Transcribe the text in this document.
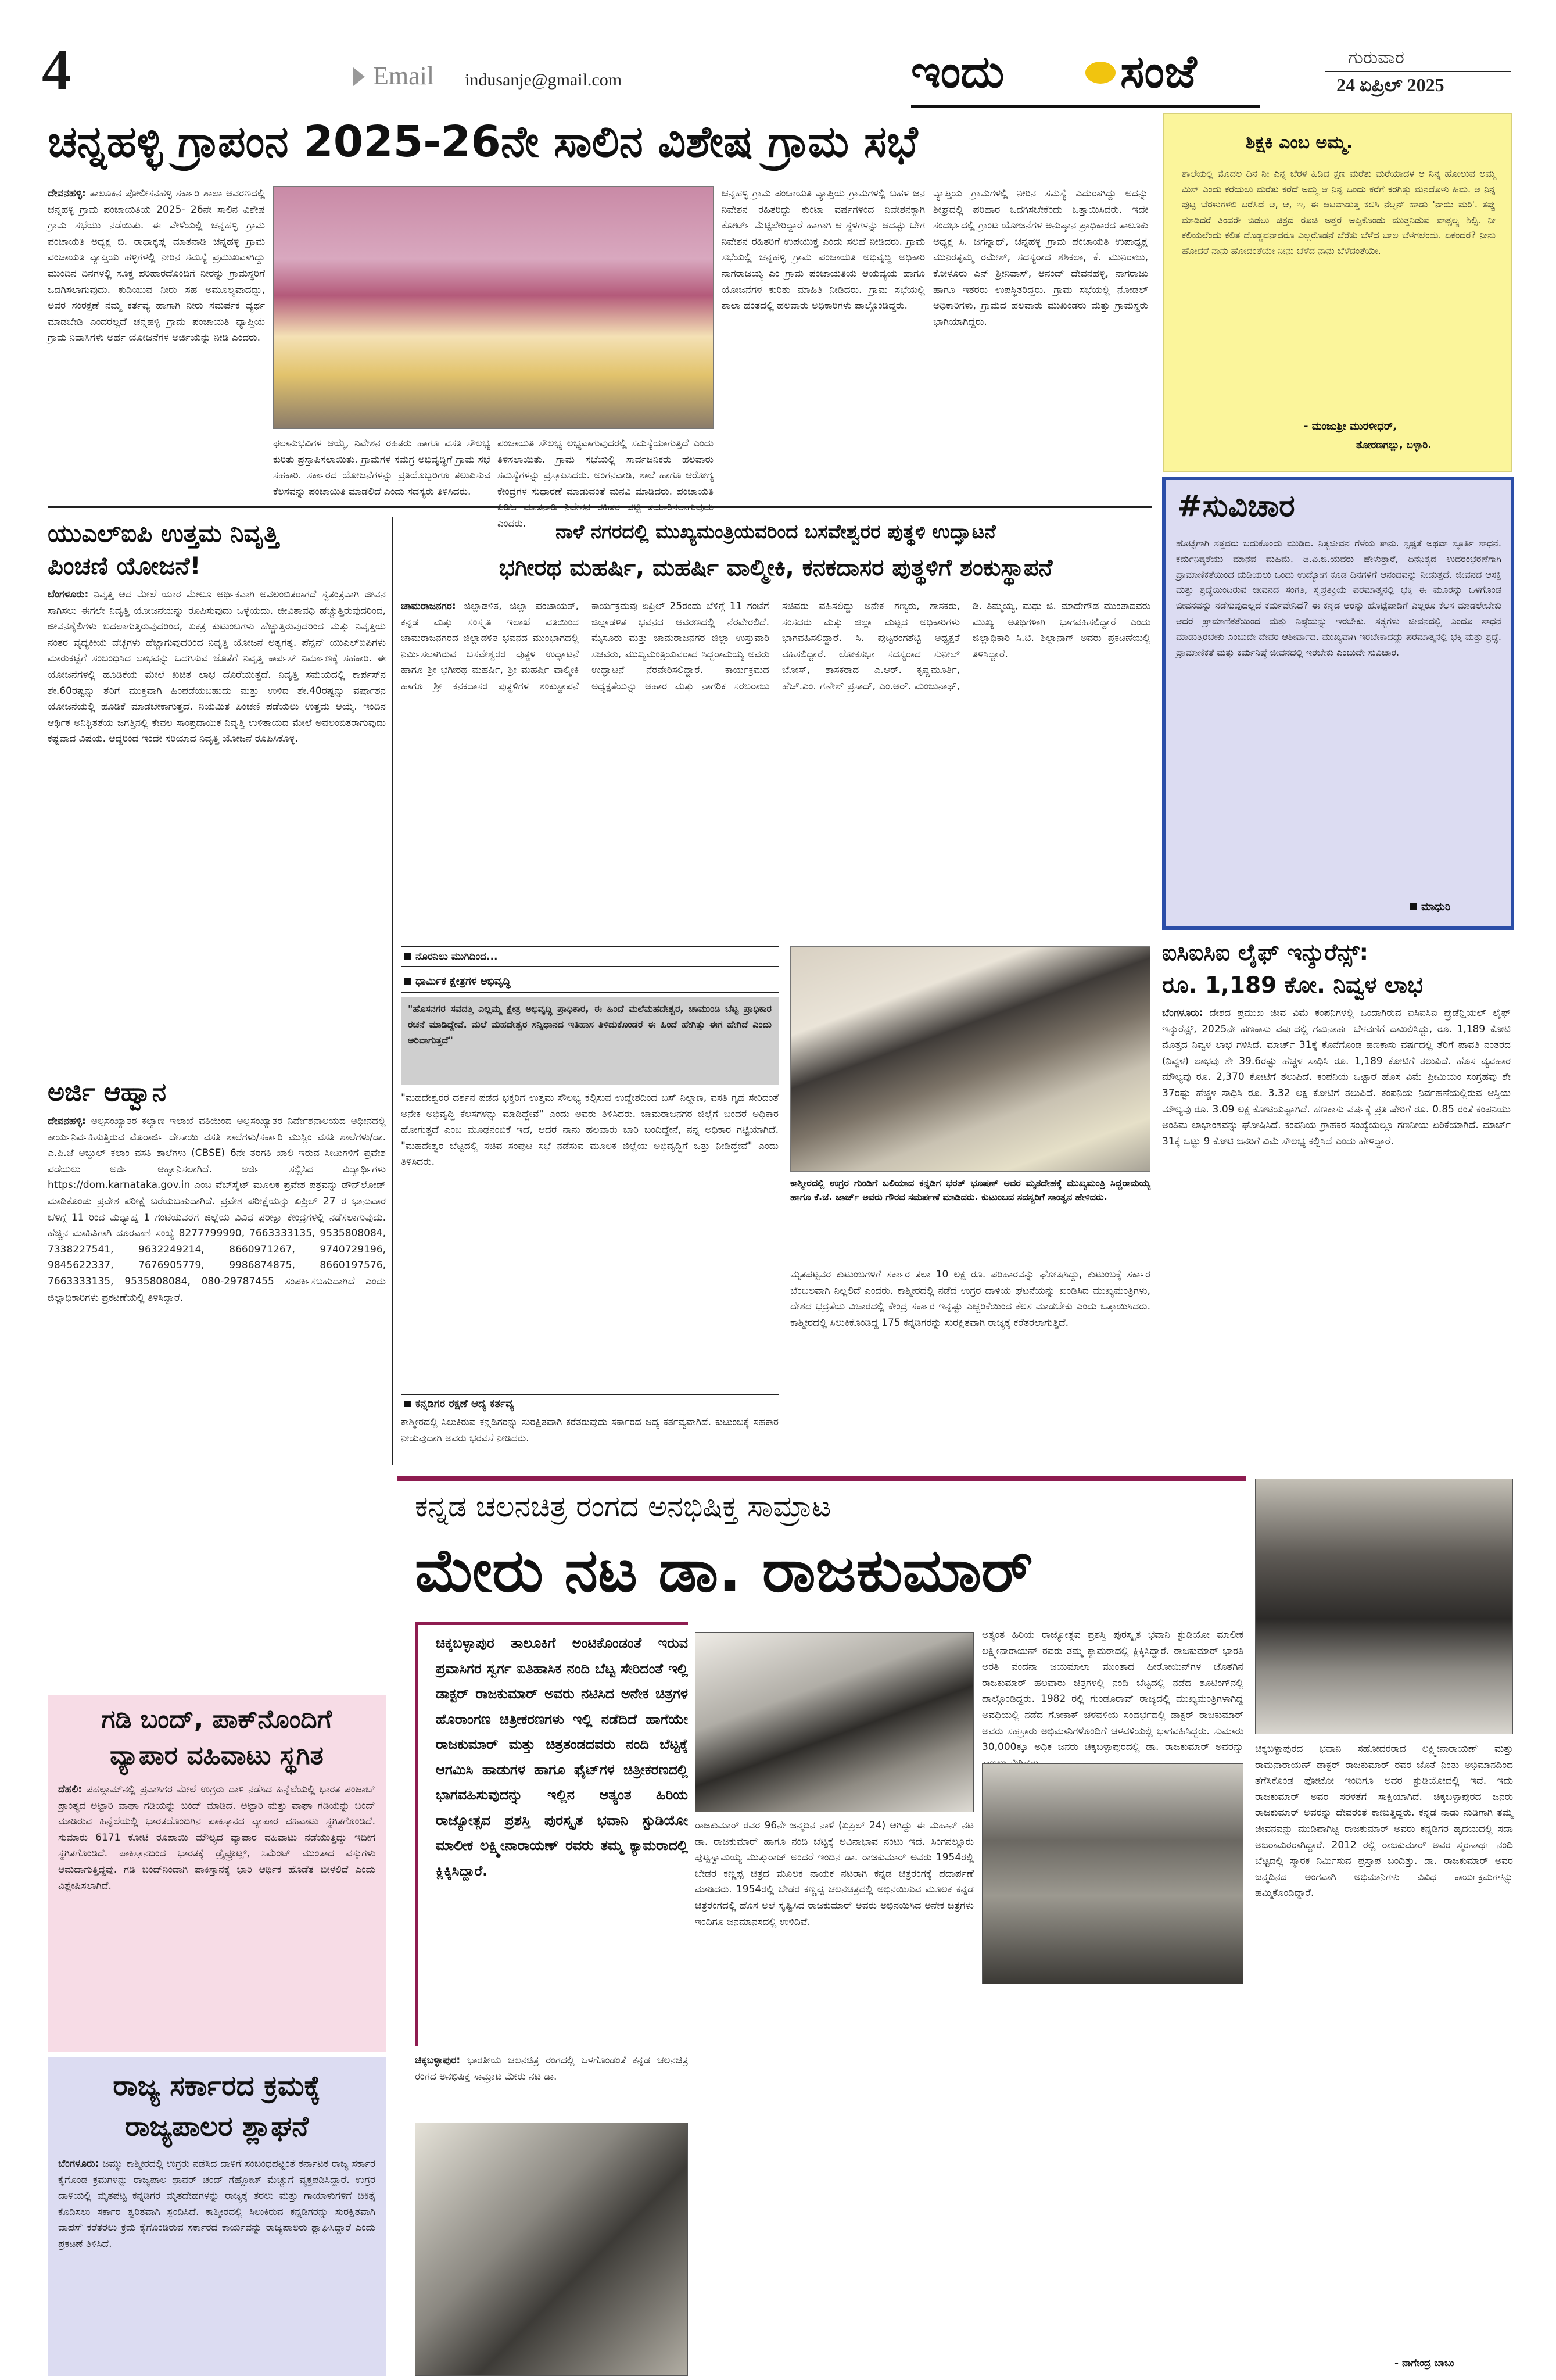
4	Email indusanje@gmail.com	ಇಂದು	ಸಂಜೆ	ಗುರುವಾರ
24 ಏಪ್ರಿಲ್ 2025
ಚನ್ನಹಳ್ಳಿ ಗ್ರಾಪಂನ 2025-26ನೇ ಸಾಲಿನ ವಿಶೇಷ ಗ್ರಾಮ ಸಭೆ
ದೇವನಹಳ್ಳಿ: ತಾಲೂಕಿನ ಪೋಲೀಸನಹಳ್ಳಿ ಸರ್ಕಾರಿ ಶಾಲಾ ಆವರಣದಲ್ಲಿ ಚನ್ನಹಳ್ಳಿ ಗ್ರಾಮ ಪಂಚಾಯತಿಯ 2025- 26ನೇ ಸಾಲಿನ ವಿಶೇಷ ಗ್ರಾಮ ಸಭೆಯು ನಡೆಯಿತು. ಈ ವೇಳೆಯಲ್ಲಿ ಚನ್ನಹಳ್ಳಿ ಗ್ರಾಮ ಪಂಚಾಯತಿ ಅಧ್ಯಕ್ಷ ಬಿ. ರಾಧಾಕೃಷ್ಣ ಮಾತನಾಡಿ ಚನ್ನಹಳ್ಳಿ ಗ್ರಾಮ ಪಂಚಾಯತಿ ವ್ಯಾಪ್ತಿಯ ಹಳ್ಳಿಗಳಲ್ಲಿ ನೀರಿನ ಸಮಸ್ಯೆ ಪ್ರಮುಖವಾಗಿದ್ದು ಮುಂದಿನ ದಿನಗಳಲ್ಲಿ ಸೂಕ್ತ ಪರಿಹಾರದೊಂದಿಗೆ ನೀರನ್ನು ಗ್ರಾಮಸ್ಥರಿಗೆ ಒದಗಿಸಲಾಗುವುದು. ಕುಡಿಯುವ ನೀರು ಸಹ ಅಮೂಲ್ಯವಾದದ್ದು, ಅವರ ಸಂರಕ್ಷಣೆ ನಮ್ಮ ಕರ್ತವ್ಯ ಹಾಗಾಗಿ ನೀರು ಸಮರ್ಪಕ ವ್ಯರ್ಥ ಮಾಡಬೇಡಿ ಎಂದರಲ್ಲದೆ ಚನ್ನಹಳ್ಳಿ ಗ್ರಾಮ ಪಂಚಾಯತಿ ವ್ಯಾಪ್ತಿಯ ಗ್ರಾಮ ನಿವಾಸಿಗಳು ಅರ್ಹ ಯೋಜನೆಗಳ ಅರ್ಜಿಯನ್ನು ನೀಡಿ ಎಂದರು.
ಫಲಾನುಭವಿಗಳ ಆಯ್ಕೆ, ನಿವೇಶನ ರಹಿತರು ಹಾಗೂ ವಸತಿ ಸೌಲಭ್ಯ ಕುರಿತು ಪ್ರಸ್ತಾಪಿಸಲಾಯಿತು. ಗ್ರಾಮಗಳ ಸಮಗ್ರ ಅಭಿವೃದ್ಧಿಗೆ ಗ್ರಾಮ ಸಭೆ ಸಹಕಾರಿ. ಸರ್ಕಾರದ ಯೋಜನೆಗಳನ್ನು ಪ್ರತಿಯೊಬ್ಬರಿಗೂ ತಲುಪಿಸುವ ಕೆಲಸವನ್ನು ಪಂಚಾಯಿತಿ ಮಾಡಲಿದೆ ಎಂದು ಸದಸ್ಯರು ತಿಳಿಸಿದರು.
ಪಂಚಾಯತಿ ಸೌಲಭ್ಯ ಲಭ್ಯವಾಗುವುದರಲ್ಲಿ ಸಮಸ್ಯೆಯಾಗುತ್ತಿದೆ ಎಂದು ತಿಳಿಸಲಾಯಿತು. ಗ್ರಾಮ ಸಭೆಯಲ್ಲಿ ಸಾರ್ವಜನಿಕರು ಹಲವಾರು ಸಮಸ್ಯೆಗಳನ್ನು ಪ್ರಸ್ತಾಪಿಸಿದರು. ಅಂಗನವಾಡಿ, ಶಾಲೆ ಹಾಗೂ ಆರೋಗ್ಯ ಕೇಂದ್ರಗಳ ಸುಧಾರಣೆ ಮಾಡುವಂತೆ ಮನವಿ ಮಾಡಿದರು. ಪಂಚಾಯತಿ ಎಂದರು.
ಚನ್ನಹಳ್ಳಿ ಗ್ರಾಮ ಪಂಚಾಯತಿ ವ್ಯಾಪ್ತಿಯ ಗ್ರಾಮಗಳಲ್ಲಿ ಬಹಳ ಜನ ನಿವೇಶನ ರಹಿತರಿದ್ದು ಕುಂಟಾ ವರ್ಷಗಳಿಂದ ನಿವೇಶನಕ್ಕಾಗಿ ಕೋರ್ಟ್ ಮೆಟ್ಟಿಲೇರಿದ್ದಾರೆ ಹಾಗಾಗಿ ಆ ಸ್ಥಳಗಳನ್ನು ಆದಷ್ಟು ಬೇಗ ನಿವೇಶನ ರಹಿತರಿಗೆ ಉಪಯುಕ್ತ ಎಂದು ಸಲಹೆ ನೀಡಿದರು. ಗ್ರಾಮ ಸಭೆಯಲ್ಲಿ ಚನ್ನಹಳ್ಳಿ ಗ್ರಾಮ ಪಂಚಾಯತಿ ಅಭಿವೃದ್ಧಿ ಅಧಿಕಾರಿ ನಾಗರಾಜಯ್ಯ ಎಂ ಗ್ರಾಮ ಪಂಚಾಯತಿಯ ಆಯವ್ಯಯ ಹಾಗೂ ಯೋಜನೆಗಳ ಕುರಿತು ಮಾಹಿತಿ ನೀಡಿದರು. ಗ್ರಾಮ ಸಭೆಯಲ್ಲಿ ಶಾಲಾ ಹಂತದಲ್ಲಿ ಹಲವಾರು ಅಧಿಕಾರಿಗಳು ಪಾಲ್ಗೊಂಡಿದ್ದರು.
ವ್ಯಾಪ್ತಿಯ ಗ್ರಾಮಗಳಲ್ಲಿ ನೀರಿನ ಸಮಸ್ಯೆ ಎದುರಾಗಿದ್ದು ಅದನ್ನು ಶೀಘ್ರದಲ್ಲಿ ಪರಿಹಾರ ಒದಗಿಸಬೇಕೆಂದು ಒತ್ತಾಯಿಸಿದರು. ಇದೇ ಸಂದರ್ಭದಲ್ಲಿ ಗ್ರಾಂಟ ಯೋಜನೆಗಳ ಅನುಷ್ಠಾನ ಪ್ರಾಧಿಕಾರದ ತಾಲೂಕು ಅಧ್ಯಕ್ಷ ಸಿ. ಜಗನ್ನಾಥ್, ಚನ್ನಹಳ್ಳಿ ಗ್ರಾಮ ಪಂಚಾಯತಿ ಉಪಾಧ್ಯಕ್ಷೆ ಮುನಿರತ್ನಮ್ಮ ರಮೇಶ್, ಸದಸ್ಯರಾದ ಶಶಿಕಲಾ, ಕೆ. ಮುನಿರಾಜು, ಕೋಳೂರು ಎನ್ ಶ್ರೀನಿವಾಸ್, ಆನಂದ್ ದೇವನಹಳ್ಳಿ, ನಾಗರಾಜು ಹಾಗೂ ಇತರರು ಉಪಸ್ಥಿತರಿದ್ದರು. ಗ್ರಾಮ ಸಭೆಯಲ್ಲಿ ನೋಡಲ್ ಅಧಿಕಾರಿಗಳು, ಗ್ರಾಮದ ಹಲವಾರು ಮುಖಂಡರು ಮತ್ತು ಗ್ರಾಮಸ್ಥರು ಭಾಗಿಯಾಗಿದ್ದರು.
ಶಿಕ್ಷಕಿ ಎಂಬ ಅಮ್ಮ.
ಶಾಲೆಯಲ್ಲಿ ಮೊದಲ ದಿನ ನೀ ಎನ್ನ ಬೆರಳ ಹಿಡಿದ ಕ್ಷಣ ಮರೆತು ಮರೆಯಾದಳ ಆ ನಿನ್ನ ಹೋಲುವ ಅಮ್ಮ ಮಿಸ್ ಎಂದು ಕರೆಯಲು ಮರೆತು ಕರೆದೆ ಅಮ್ಮ ಆ ನಿನ್ನ ಒಂದು ಕರೆಗೆ ಕರಗಿತ್ತು ಮನದೊಳು ಹಿಮ. ಆ ನಿನ್ನ ಪುಟ್ಟ ಬೆರಳುಗಳಲಿ ಬರೆಸಿದೆ ಅ, ಆ, ಇ, ಈ ಆಟವಾಡುತ್ತ ಕಲಿಸಿ ನೆಲ್ಸನ್ ಹಾಡು 'ನಾಯಿ ಮರಿ'. ತಪ್ಪು ಮಾಡಿದರೆ ತಿಂದರೇ ಬಿಡಲು ಚಿತ್ರದ ರೂಚಿ ಅತ್ತರೆ ಅಪ್ಪಿಕೊಂಡು ಮುತ್ತನಿಡುವ ವಾತ್ಸಲ್ಯ ಶಿಲ್ಪಿ. ನೀ ಕಲಿಯಲೆಂದು ಕಲಿತ ದೊಡ್ಡವನಾದರೂ ಎಲ್ಲರೊಡನೆ ಬೆರೆತು ಬೆಳೆದ ಬಾಲ ಬೆಳಗಲೆಂದು. ಏಕೆಂದರೆ? ನೀನು ಹೋದರೆ ನಾನು ಹೋದಂತೆಯೇ ನೀನು ಬೆಳೆದ ನಾನು ಬೆಳೆದಂತೆಯೇ.
- ಮಂಜುಶ್ರೀ ಮುರಳೀಧರ್,
ತೋರಣಗಲ್ಲು, ಬಳ್ಳಾರಿ.
#ಸುವಿಚಾರ
ಹೊಟ್ಟೆಗಾಗಿ ಸತ್ತವರು ಬದುಕೊಂದು ಮುಡಿದ. ನಿತ್ಯಜೀವನ ಗೆಳೆಯ ತಾನು. ಸ್ಪಷ್ಟತೆ ಅಥವಾ ಸ್ಫೂರ್ತಿ ಸಾಧನೆ. ಕರ್ಮನಿಷ್ಠತೆಯು ಮಾನವ ಮಹಿಮೆ. ಡಿ.ವಿ.ಜಿ.ಯವರು ಹೇಳುತ್ತಾರೆ, ದಿನನಿತ್ಯದ ಉದರಂಭರಣೆಗಾಗಿ ಪ್ರಾಮಾಣಿಕತೆಯಿಂದ ದುಡಿಯಲು ಒಂದು ಉದ್ಯೋಗ ಕೂಡ ದಿನಗಳಿಗೆ ಆನಂದವನ್ನು ನೀಡುತ್ತದೆ. ಜೀವನದ ಆಸಕ್ತಿ ಮತ್ತು ಶ್ರದ್ಧೆಯಿಂದಿರುವ ಜೀವನದ ಸಂಗತಿ, ಸ್ವಪ್ರತಿಕ್ರಿಯೆ ಪರಮಾತ್ಮನಲ್ಲಿ ಭಕ್ತಿ ಈ ಮೂರನ್ನು ಒಳಗೊಂಡ ಜೀವನವನ್ನು ನಡೆಸುವುದಲ್ಲದೆ ಕರ್ಮವೇನಿದೆ? ಈ ಕನ್ನಡ ಆರನ್ನು ಹೊಟ್ಟೆಪಾಡಿಗೆ ಎಲ್ಲರೂ ಕೆಲಸ ಮಾಡಲೇಬೇಕು ಆದರೆ ಪ್ರಾಮಾಣಿಕತೆಯಿಂದ ಮತ್ತು ನಿಷ್ಠೆಯನ್ನು ಇರಬೇಕು. ಸತ್ಯಗಳು ಜೀವನದಲ್ಲಿ ಎಂದೂ ಸಾಧನೆ ಮಾಡುತ್ತಿರಬೇಕು ಎಂಬುದೇ ದೇವರ ಆಶೀರ್ವಾದ. ಮುಖ್ಯವಾಗಿ ಇರಬೇಕಾದದ್ದು ಪರಮಾತ್ಮನಲ್ಲಿ ಭಕ್ತಿ ಮತ್ತು ಶ್ರದ್ಧೆ. ಪ್ರಾಮಾಣಿಕತೆ ಮತ್ತು ಕರ್ಮನಿಷ್ಠೆ ಜೀವನದಲ್ಲಿ ಇರಬೇಕು ಎಂಬುದೇ ಸುವಿಚಾರ.
ಮಾಧುರಿ
ಯುಎಲ್‌ಐಪಿ ಉತ್ತಮ ನಿವೃತ್ತಿ
ಪಿಂಚಣಿ ಯೋಜನೆ!
ಬೆಂಗಳೂರು: ನಿವೃತ್ತಿ ಆದ ಮೇಲೆ ಯಾರ ಮೇಲೂ ಆರ್ಥಿಕವಾಗಿ ಅವಲಂಬಿತರಾಗದೆ ಸ್ವತಂತ್ರವಾಗಿ ಜೀವನ ಸಾಗಿಸಲು ಈಗಲೇ ನಿವೃತ್ತಿ ಯೋಜನೆಯನ್ನು ರೂಪಿಸುವುದು ಒಳ್ಳೆಯದು. ಜೀವಿತಾವಧಿ ಹೆಚ್ಚುತ್ತಿರುವುದರಿಂದ, ಜೀವನಶೈಲಿಗಳು ಬದಲಾಗುತ್ತಿರುವುದರಿಂದ, ಏಕತ್ರ ಕುಟುಂಬಗಳು ಹೆಚ್ಚುತ್ತಿರುವುದರಿಂದ ಮತ್ತು ನಿವೃತ್ತಿಯ ನಂತರ ವೈದ್ಯಕೀಯ ವೆಚ್ಚಗಳು ಹೆಚ್ಚಾಗುವುದರಿಂದ ನಿವೃತ್ತಿ ಯೋಜನೆ ಅತ್ಯಗತ್ಯ. ಪೆನ್ಷನ್ ಯುಎಲ್‌ಐಪಿಗಳು ಮಾರುಕಟ್ಟೆಗೆ ಸಂಬಂಧಿಸಿದ ಲಾಭವನ್ನು ಒದಗಿಸುವ ಜೊತೆಗೆ ನಿವೃತ್ತಿ ಕಾರ್ಪಸ್ ನಿರ್ಮಾಣಕ್ಕೆ ಸಹಕಾರಿ. ಈ ಯೋಜನೆಗಳಲ್ಲಿ ಹೂಡಿಕೆಯ ಮೇಲೆ ಖಚಿತ ಲಾಭ ದೊರೆಯುತ್ತದೆ. ನಿವೃತ್ತಿ ಸಮಯದಲ್ಲಿ ಕಾರ್ಪಸ್‌ನ ಶೇ.60ರಷ್ಟನ್ನು ತೆರಿಗೆ ಮುಕ್ತವಾಗಿ ಹಿಂಪಡೆಯಬಹುದು ಮತ್ತು ಉಳಿದ ಶೇ.40ರಷ್ಟನ್ನು ವರ್ಷಾಶನ ಯೋಜನೆಯಲ್ಲಿ ಹೂಡಿಕೆ ಮಾಡಬೇಕಾಗುತ್ತದೆ. ನಿಯಮಿತ ಪಿಂಚಣಿ ಪಡೆಯಲು ಉತ್ತಮ ಆಯ್ಕೆ. ಇಂದಿನ ಆರ್ಥಿಕ ಅನಿಶ್ಚಿತತೆಯ ಜಗತ್ತಿನಲ್ಲಿ ಕೇವಲ ಸಾಂಪ್ರದಾಯಿಕ ನಿವೃತ್ತಿ ಉಳಿತಾಯದ ಮೇಲೆ ಅವಲಂಬಿತರಾಗುವುದು ಕಷ್ಟವಾದ ವಿಷಯ. ಆದ್ದರಿಂದ ಇಂದೇ ಸರಿಯಾದ ನಿವೃತ್ತಿ ಯೋಜನೆ ರೂಪಿಸಿಕೊಳ್ಳಿ.
ಅರ್ಜಿ ಆಹ್ವಾನ
ದೇವನಹಳ್ಳಿ: ಅಲ್ಪಸಂಖ್ಯಾತರ ಕಲ್ಯಾಣ ಇಲಾಖೆ ವತಿಯಿಂದ ಅಲ್ಪಸಂಖ್ಯಾತರ ನಿರ್ದೇಶನಾಲಯದ ಅಧೀನದಲ್ಲಿ ಕಾರ್ಯನಿರ್ವಹಿಸುತ್ತಿರುವ ಮೊರಾರ್ಜಿ ದೇಸಾಯಿ ವಸತಿ ಶಾಲೆಗಳು/ಸರ್ಕಾರಿ ಮುಸ್ಲಿಂ ವಸತಿ ಶಾಲೆಗಳು/ಡಾ. ಎ.ಪಿ.ಜೆ ಅಬ್ದುಲ್ ಕಲಾಂ ವಸತಿ ಶಾಲೆಗಳು (CBSE) 6ನೇ ತರಗತಿ ಖಾಲಿ ಇರುವ ಸೀಟುಗಳಿಗೆ ಪ್ರವೇಶ ಪಡೆಯಲು ಅರ್ಜಿ ಆಹ್ವಾನಿಸಲಾಗಿದೆ. ಅರ್ಜಿ ಸಲ್ಲಿಸಿದ ವಿದ್ಯಾರ್ಥಿಗಳು https://dom.karnataka.gov.in ಎಂಬ ವೆಬ್‌ಸೈಟ್ ಮೂಲಕ ಪ್ರವೇಶ ಪತ್ರವನ್ನು ಡೌನ್‌ಲೋಡ್ ಮಾಡಿಕೊಂಡು ಪ್ರವೇಶ ಪರೀಕ್ಷೆ ಬರೆಯಬಹುದಾಗಿದೆ. ಪ್ರವೇಶ ಪರೀಕ್ಷೆಯನ್ನು ಏಪ್ರಿಲ್ 27 ರ ಭಾನುವಾರ ಬೆಳಿಗ್ಗೆ 11 ರಿಂದ ಮಧ್ಯಾಹ್ನ 1 ಗಂಟೆಯವರೆಗೆ ಜಿಲ್ಲೆಯ ವಿವಿಧ ಪರೀಕ್ಷಾ ಕೇಂದ್ರಗಳಲ್ಲಿ ನಡೆಸಲಾಗುವುದು. ಹೆಚ್ಚಿನ ಮಾಹಿತಿಗಾಗಿ ದೂರವಾಣಿ ಸಂಖ್ಯೆ 8277799990, 7663333135, 9535808084, 7338227541, 9632249214, 8660971267, 9740729196, 9845622337, 7676905779, 9986874875, 8660197576, 7663333135, 9535808084, 080-29787455 ಸಂಪರ್ಕಿಸಬಹುದಾಗಿದೆ ಎಂದು ಜಿಲ್ಲಾಧಿಕಾರಿಗಳು ಪ್ರಕಟಣೆಯಲ್ಲಿ ತಿಳಿಸಿದ್ದಾರೆ.
ಗಡಿ ಬಂದ್, ಪಾಕ್‌ನೊಂದಿಗೆ
ವ್ಯಾಪಾರ ವಹಿವಾಟು ಸ್ಥಗಿತ
ದೆಹಲಿ: ಪಹಲ್ಗಾಮ್‌ನಲ್ಲಿ ಪ್ರವಾಸಿಗರ ಮೇಲೆ ಉಗ್ರರು ದಾಳಿ ನಡೆಸಿದ ಹಿನ್ನೆಲೆಯಲ್ಲಿ ಭಾರತ ಪಂಜಾಬ್ ಪ್ರಾಂತ್ಯದ ಅಟ್ಟಾರಿ ವಾಘಾ ಗಡಿಯನ್ನು ಬಂದ್ ಮಾಡಿದೆ. ಅಟ್ಟಾರಿ ಮತ್ತು ವಾಘಾ ಗಡಿಯನ್ನು ಬಂದ್ ಮಾಡಿರುವ ಹಿನ್ನೆಲೆಯಲ್ಲಿ ಭಾರತದೊಂದಿಗಿನ ಪಾಕಿಸ್ತಾನದ ವ್ಯಾಪಾರ ವಹಿವಾಟು ಸ್ಥಗಿತಗೊಂಡಿದೆ. ಸುಮಾರು 6171 ಕೋಟಿ ರೂಪಾಯಿ ಮೌಲ್ಯದ ವ್ಯಾಪಾರ ವಹಿವಾಟು ನಡೆಯುತ್ತಿದ್ದು ಇದೀಗ ಸ್ಥಗಿತಗೊಂಡಿದೆ. ಪಾಕಿಸ್ತಾನದಿಂದ ಭಾರತಕ್ಕೆ ಡ್ರೈಫ್ರೂಟ್ಸ್, ಸಿಮೆಂಟ್ ಮುಂತಾದ ವಸ್ತುಗಳು ಆಮದಾಗುತ್ತಿದ್ದವು. ಗಡಿ ಬಂದ್‌ನಿಂದಾಗಿ ಪಾಕಿಸ್ತಾನಕ್ಕೆ ಭಾರಿ ಆರ್ಥಿಕ ಹೊಡೆತ ಬೀಳಲಿದೆ ಎಂದು ವಿಶ್ಲೇಷಿಸಲಾಗಿದೆ.
ರಾಜ್ಯ ಸರ್ಕಾರದ ಕ್ರಮಕ್ಕೆ
ರಾಜ್ಯಪಾಲರ ಶ್ಲಾಘನೆ
ಬೆಂಗಳೂರು: ಜಮ್ಮು ಕಾಶ್ಮೀರದಲ್ಲಿ ಉಗ್ರರು ನಡೆಸಿದ ದಾಳಿಗೆ ಸಂಬಂಧಪಟ್ಟಂತೆ ಕರ್ನಾಟಕ ರಾಜ್ಯ ಸರ್ಕಾರ ಕೈಗೊಂಡ ಕ್ರಮಗಳನ್ನು ರಾಜ್ಯಪಾಲ ಥಾವರ್ ಚಂದ್ ಗೆಹ್ಲೋಟ್ ಮೆಚ್ಚುಗೆ ವ್ಯಕ್ತಪಡಿಸಿದ್ದಾರೆ. ಉಗ್ರರ ದಾಳಿಯಲ್ಲಿ ಮೃತಪಟ್ಟ ಕನ್ನಡಿಗರ ಮೃತದೇಹಗಳನ್ನು ರಾಜ್ಯಕ್ಕೆ ತರಲು ಮತ್ತು ಗಾಯಾಳುಗಳಿಗೆ ಚಿಕಿತ್ಸೆ ಕೊಡಿಸಲು ಸರ್ಕಾರ ತ್ವರಿತವಾಗಿ ಸ್ಪಂದಿಸಿದೆ. ಕಾಶ್ಮೀರದಲ್ಲಿ ಸಿಲುಕಿರುವ ಕನ್ನಡಿಗರನ್ನು ಸುರಕ್ಷಿತವಾಗಿ ವಾಪಸ್ ಕರೆತರಲು ಕ್ರಮ ಕೈಗೊಂಡಿರುವ ಸರ್ಕಾರದ ಕಾರ್ಯವನ್ನು ರಾಜ್ಯಪಾಲರು ಶ್ಲಾಘಿಸಿದ್ದಾರೆ ಎಂದು ಪ್ರಕಟಣೆ ತಿಳಿಸಿದೆ.
ನಾಳೆ ನಗರದಲ್ಲಿ ಮುಖ್ಯಮಂತ್ರಿಯವರಿಂದ ಬಸವೇಶ್ವರರ ಪುತ್ಥಳಿ ಉದ್ಘಾಟನೆ
ಭಗೀರಥ ಮಹರ್ಷಿ, ಮಹರ್ಷಿ ವಾಲ್ಮೀಕಿ, ಕನಕದಾಸರ ಪುತ್ಥಳಿಗೆ ಶಂಕುಸ್ಥಾಪನೆ
ಚಾಮರಾಜನಗರ: ಜಿಲ್ಲಾಡಳಿತ, ಜಿಲ್ಲಾ ಪಂಚಾಯತ್, ಕನ್ನಡ ಮತ್ತು ಸಂಸ್ಕೃತಿ ಇಲಾಖೆ ವತಿಯಿಂದ ಚಾಮರಾಜನಗರದ ಜಿಲ್ಲಾಡಳಿತ ಭವನದ ಮುಂಭಾಗದಲ್ಲಿ ನಿರ್ಮಿಸಲಾಗಿರುವ ಬಸವೇಶ್ವರರ ಪುತ್ಥಳಿ ಉದ್ಘಾಟನೆ ಹಾಗೂ ಶ್ರೀ ಭಗೀರಥ ಮಹರ್ಷಿ, ಶ್ರೀ ಮಹರ್ಷಿ ವಾಲ್ಮೀಕಿ ಹಾಗೂ ಶ್ರೀ ಕನಕದಾಸರ ಪುತ್ಥಳಿಗಳ ಶಂಕುಸ್ಥಾಪನೆ ಕಾರ್ಯಕ್ರಮವು ಏಪ್ರಿಲ್ 25ರಂದು ಬೆಳಿಗ್ಗೆ 11 ಗಂಟೆಗೆ ಜಿಲ್ಲಾಡಳಿತ ಭವನದ ಆವರಣದಲ್ಲಿ ನೆರವೇರಲಿದೆ. ಮೈಸೂರು ಮತ್ತು ಚಾಮರಾಜನಗರ ಜಿಲ್ಲಾ ಉಸ್ತುವಾರಿ ಸಚಿವರು, ಮುಖ್ಯಮಂತ್ರಿಯವರಾದ ಸಿದ್ದರಾಮಯ್ಯ ಅವರು ಉದ್ಘಾಟನೆ ನೆರವೇರಿಸಲಿದ್ದಾರೆ. ಕಾರ್ಯಕ್ರಮದ ಅಧ್ಯಕ್ಷತೆಯನ್ನು ಆಹಾರ ಮತ್ತು ನಾಗರಿಕ ಸರಬರಾಜು ಸಚಿವರು ವಹಿಸಲಿದ್ದು ಅನೇಕ ಗಣ್ಯರು, ಶಾಸಕರು, ಸಂಸದರು ಮತ್ತು ಜಿಲ್ಲಾ ಮಟ್ಟದ ಅಧಿಕಾರಿಗಳು ಭಾಗವಹಿಸಲಿದ್ದಾರೆ. ಸಿ. ಪುಟ್ಟರಂಗಶೆಟ್ಟಿ ಅಧ್ಯಕ್ಷತೆ ವಹಿಸಲಿದ್ದಾರೆ. ಲೋಕಸಭಾ ಸದಸ್ಯರಾದ ಸುನೀಲ್ ಬೋಸ್, ಶಾಸಕರಾದ ಎ.ಆರ್. ಕೃಷ್ಣಮೂರ್ತಿ, ಹೆಚ್.ಎಂ. ಗಣೇಶ್ ಪ್ರಸಾದ್, ಎಂ.ಆರ್. ಮಂಜುನಾಥ್, ಡಿ. ತಿಮ್ಮಯ್ಯ, ಮಧು ಜಿ. ಮಾದೇಗೌಡ ಮುಂತಾದವರು ಮುಖ್ಯ ಅತಿಥಿಗಳಾಗಿ ಭಾಗವಹಿಸಲಿದ್ದಾರೆ ಎಂದು ಜಿಲ್ಲಾಧಿಕಾರಿ ಸಿ.ಟಿ. ಶಿಲ್ಪಾನಾಗ್ ಅವರು ಪ್ರಕಟಣೆಯಲ್ಲಿ ತಿಳಿಸಿದ್ದಾರೆ.
ನೊರನಿಲು ಮುಗಿದಿಂದ...
ಧಾರ್ಮಿಕ ಕ್ಷೇತ್ರಗಳ ಅಭಿವೃದ್ಧಿ
"ಹೊಸನಗರ ಸವದತ್ತಿ ಎಲ್ಲಮ್ಮ ಕ್ಷೇತ್ರ ಅಭಿವೃದ್ಧಿ ಪ್ರಾಧಿಕಾರ, ಈ ಹಿಂದೆ ಮಲೆಮಹದೇಶ್ವರ, ಚಾಮುಂಡಿ ಬೆಟ್ಟ ಪ್ರಾಧಿಕಾರ ರಚನೆ ಮಾಡಿದ್ದೇವೆ. ಮಲೆ ಮಹದೇಶ್ವರ ಸನ್ನಿಧಾನದ ಇತಿಹಾಸ ತಿಳಿದುಕೊಂಡರೆ ಈ ಹಿಂದೆ ಹೇಗಿತ್ತು ಈಗ ಹೇಗಿದೆ ಎಂದು ಅರಿವಾಗುತ್ತದೆ"
"ಮಹದೇಶ್ವರರ ದರ್ಶನ ಪಡೆದ ಭಕ್ತರಿಗೆ ಉತ್ತಮ ಸೌಲಭ್ಯ ಕಲ್ಪಿಸುವ ಉದ್ದೇಶದಿಂದ ಬಸ್ ನಿಲ್ದಾಣ, ವಸತಿ ಗೃಹ ಸೇರಿದಂತೆ ಅನೇಕ ಅಭಿವೃದ್ಧಿ ಕೆಲಸಗಳನ್ನು ಮಾಡಿದ್ದೇವೆ" ಎಂದು ಅವರು ತಿಳಿಸಿದರು. ಚಾಮರಾಜನಗರ ಜಿಲ್ಲೆಗೆ ಬಂದರೆ ಅಧಿಕಾರ ಹೋಗುತ್ತದೆ ಎಂಬ ಮೂಢನಂಬಿಕೆ ಇದೆ, ಆದರೆ ನಾನು ಹಲವಾರು ಬಾರಿ ಬಂದಿದ್ದೇನೆ, ನನ್ನ ಅಧಿಕಾರ ಗಟ್ಟಿಯಾಗಿದೆ. "ಮಹದೇಶ್ವರ ಬೆಟ್ಟದಲ್ಲಿ ಸಚಿವ ಸಂಪುಟ ಸಭೆ ನಡೆಸುವ ಮೂಲಕ ಜಿಲ್ಲೆಯ ಅಭಿವೃದ್ಧಿಗೆ ಒತ್ತು ನೀಡಿದ್ದೇವೆ" ಎಂದು ತಿಳಿಸಿದರು.
ಕನ್ನಡಿಗರ ರಕ್ಷಣೆ ಆದ್ಯ ಕರ್ತವ್ಯ
ಕಾಶ್ಮೀರದಲ್ಲಿ ಸಿಲುಕಿರುವ ಕನ್ನಡಿಗರನ್ನು ಸುರಕ್ಷಿತವಾಗಿ ಕರೆತರುವುದು ಸರ್ಕಾರದ ಆದ್ಯ ಕರ್ತವ್ಯವಾಗಿದೆ. ಕುಟುಂಬಕ್ಕೆ ಸಹಕಾರ ನೀಡುವುದಾಗಿ ಅವರು ಭರವಸೆ ನೀಡಿದರು.
ಕಾಶ್ಮೀರದಲ್ಲಿ ಉಗ್ರರ ಗುಂಡಿಗೆ ಬಲಿಯಾದ ಕನ್ನಡಿಗ ಭರತ್ ಭೂಷಣ್ ಅವರ ಮೃತದೇಹಕ್ಕೆ ಮುಖ್ಯಮಂತ್ರಿ ಸಿದ್ದರಾಮಯ್ಯ ಹಾಗೂ ಕೆ.ಜೆ. ಜಾರ್ಜ್ ಅವರು ಗೌರವ ಸಮರ್ಪಣೆ ಮಾಡಿದರು. ಕುಟುಂಬದ ಸದಸ್ಯರಿಗೆ ಸಾಂತ್ವನ ಹೇಳಿದರು.
ಮೃತಪಟ್ಟವರ ಕುಟುಂಬಗಳಿಗೆ ಸರ್ಕಾರ ತಲಾ 10 ಲಕ್ಷ ರೂ. ಪರಿಹಾರವನ್ನು ಘೋಷಿಸಿದ್ದು, ಕುಟುಂಬಕ್ಕೆ ಸರ್ಕಾರ ಬೆಂಬಲವಾಗಿ ನಿಲ್ಲಲಿದೆ ಎಂದರು. ಕಾಶ್ಮೀರದಲ್ಲಿ ನಡೆದ ಉಗ್ರರ ದಾಳಿಯ ಘಟನೆಯನ್ನು ಖಂಡಿಸಿದ ಮುಖ್ಯಮಂತ್ರಿಗಳು, ದೇಶದ ಭದ್ರತೆಯ ವಿಚಾರದಲ್ಲಿ ಕೇಂದ್ರ ಸರ್ಕಾರ ಇನ್ನಷ್ಟು ಎಚ್ಚರಿಕೆಯಿಂದ ಕೆಲಸ ಮಾಡಬೇಕು ಎಂದು ಒತ್ತಾಯಿಸಿದರು. ಕಾಶ್ಮೀರದಲ್ಲಿ ಸಿಲುಕಿಕೊಂಡಿದ್ದ 175 ಕನ್ನಡಿಗರನ್ನು ಸುರಕ್ಷಿತವಾಗಿ ರಾಜ್ಯಕ್ಕೆ ಕರೆತರಲಾಗುತ್ತಿದೆ.
ಐಸಿಐಸಿಐ ಲೈಫ್ ಇನ್ಶುರೆನ್ಸ್:
ರೂ. 1,189 ಕೋ. ನಿವ್ವಳ ಲಾಭ
ಬೆಂಗಳೂರು: ದೇಶದ ಪ್ರಮುಖ ಜೀವ ವಿಮೆ ಕಂಪನಿಗಳಲ್ಲಿ ಒಂದಾಗಿರುವ ಐಸಿಐಸಿಐ ಪ್ರುಡೆನ್ಷಿಯಲ್ ಲೈಫ್ ಇನ್ಶುರೆನ್ಸ್, 2025ನೇ ಹಣಕಾಸು ವರ್ಷದಲ್ಲಿ ಗಮನಾರ್ಹ ಬೆಳವಣಿಗೆ ದಾಖಲಿಸಿದ್ದು, ರೂ. 1,189 ಕೋಟಿ ಮೊತ್ತದ ನಿವ್ವಳ ಲಾಭ ಗಳಿಸಿದೆ. ಮಾರ್ಚ್ 31ಕ್ಕೆ ಕೊನೆಗೊಂಡ ಹಣಕಾಸು ವರ್ಷದಲ್ಲಿ ತೆರಿಗೆ ಪಾವತಿ ನಂತರದ (ನಿವ್ವಳ) ಲಾಭವು ಶೇ 39.6ರಷ್ಟು ಹೆಚ್ಚಳ ಸಾಧಿಸಿ ರೂ. 1,189 ಕೋಟಿಗೆ ತಲುಪಿದೆ. ಹೊಸ ವ್ಯವಹಾರ ಮೌಲ್ಯವು ರೂ. 2,370 ಕೋಟಿಗೆ ತಲುಪಿದೆ. ಕಂಪನಿಯ ಒಟ್ಟಾರೆ ಹೊಸ ವಿಮೆ ಪ್ರೀಮಿಯಂ ಸಂಗ್ರಹವು ಶೇ 37ರಷ್ಟು ಹೆಚ್ಚಳ ಸಾಧಿಸಿ ರೂ. 3.32 ಲಕ್ಷ ಕೋಟಿಗೆ ತಲುಪಿದೆ. ಕಂಪನಿಯ ನಿರ್ವಹಣೆಯಲ್ಲಿರುವ ಆಸ್ತಿಯ ಮೌಲ್ಯವು ರೂ. 3.09 ಲಕ್ಷ ಕೋಟಿಯಷ್ಟಾಗಿದೆ. ಹಣಕಾಸು ವರ್ಷಕ್ಕೆ ಪ್ರತಿ ಷೇರಿಗೆ ರೂ. 0.85 ರಂತೆ ಕಂಪನಿಯು ಅಂತಿಮ ಲಾಭಾಂಶವನ್ನು ಘೋಷಿಸಿದೆ. ಕಂಪನಿಯ ಗ್ರಾಹಕರ ಸಂಖ್ಯೆಯಲ್ಲೂ ಗಣನೀಯ ಏರಿಕೆಯಾಗಿದೆ. ಮಾರ್ಚ್ 31ಕ್ಕೆ ಒಟ್ಟು 9 ಕೋಟಿ ಜನರಿಗೆ ವಿಮೆ ಸೌಲಭ್ಯ ಕಲ್ಪಿಸಿದೆ ಎಂದು ಹೇಳಿದ್ದಾರೆ.
ಕನ್ನಡ ಚಲನಚಿತ್ರ ರಂಗದ ಅನಭಿಷಿಕ್ತ ಸಾಮ್ರಾಟ
ಮೇರು ನಟ ಡಾ. ರಾಜಕುಮಾರ್
ಚಿಕ್ಕಬಳ್ಳಾಪುರ ತಾಲೂಕಿಗೆ ಅಂಟಿಕೊಂಡಂತೆ ಇರುವ ಪ್ರವಾಸಿಗರ ಸ್ವರ್ಗ ಐತಿಹಾಸಿಕ ನಂದಿ ಬೆಟ್ಟ ಸೇರಿದಂತೆ ಇಲ್ಲಿ ಡಾಕ್ಟರ್ ರಾಜಕುಮಾರ್ ಅವರು ನಟಿಸಿದ ಅನೇಕ ಚಿತ್ರಗಳ ಹೊರಾಂಗಣ ಚಿತ್ರೀಕರಣಗಳು ಇಲ್ಲಿ ನಡೆದಿದೆ ಹಾಗೆಯೇ ರಾಜಕುಮಾರ್ ಮತ್ತು ಚಿತ್ರತಂಡದವರು ನಂದಿ ಬೆಟ್ಟಕ್ಕೆ ಆಗಮಿಸಿ ಹಾಡುಗಳ ಹಾಗೂ ಫೈಟ್‌ಗಳ ಚಿತ್ರೀಕರಣದಲ್ಲಿ ಭಾಗವಹಿಸುವುದನ್ನು ಇಲ್ಲಿನ ಅತ್ಯಂತ ಹಿರಿಯ ರಾಜ್ಯೋತ್ಸವ ಪ್ರಶಸ್ತಿ ಪುರಸ್ಕೃತ ಭವಾನಿ ಸ್ಟುಡಿಯೋ ಮಾಲೀಕ ಲಕ್ಷ್ಮೀನಾರಾಯಣ್ ರವರು ತಮ್ಮ ಕ್ಯಾಮರಾದಲ್ಲಿ ಕ್ಲಿಕ್ಕಿಸಿದ್ದಾರೆ.
ಚಿಕ್ಕಬಳ್ಳಾಪುರ: ಭಾರತೀಯ ಚಲನಚಿತ್ರ ರಂಗದಲ್ಲಿ ಒಳಗೊಂಡಂತೆ ಕನ್ನಡ ಚಲನಚಿತ್ರ ರಂಗದ ಅನಭಿಷಿಕ್ತ ಸಾಮ್ರಾಟ ಮೇರು ನಟ ಡಾ.
ರಾಜಕುಮಾರ್ ರವರ 96ನೇ ಜನ್ಮದಿನ ನಾಳೆ (ಏಪ್ರಿಲ್ 24) ಆಗಿದ್ದು ಈ ಮಹಾನ್ ನಟ ಡಾ. ರಾಜಕುಮಾರ್ ಹಾಗೂ ನಂದಿ ಬೆಟ್ಟಕ್ಕೆ ಅವಿನಾಭಾವ ನಂಟು ಇದೆ. ಸಿಂಗನಲ್ಲೂರು ಪುಟ್ಟಸ್ವಾಮಯ್ಯ ಮುತ್ತುರಾಜ್ ಅಂದರೆ ಇಂದಿನ ಡಾ. ರಾಜಕುಮಾರ್ ಅವರು 1954ರಲ್ಲಿ ಬೇಡರ ಕಣ್ಣಪ್ಪ ಚಿತ್ರದ ಮೂಲಕ ನಾಯಕ ನಟರಾಗಿ ಕನ್ನಡ ಚಿತ್ರರಂಗಕ್ಕೆ ಪದಾರ್ಪಣೆ ಮಾಡಿದರು. 1954ರಲ್ಲಿ ಬೇಡರ ಕಣ್ಣಪ್ಪ ಚಲನಚಿತ್ರದಲ್ಲಿ ಅಭಿನಯಿಸುವ ಮೂಲಕ ಕನ್ನಡ ಚಿತ್ರರಂಗದಲ್ಲಿ ಹೊಸ ಅಲೆ ಸೃಷ್ಟಿಸಿದ ರಾಜಕುಮಾರ್ ಅವರು ಅಭಿನಯಿಸಿದ ಅನೇಕ ಚಿತ್ರಗಳು ಇಂದಿಗೂ ಜನಮಾನಸದಲ್ಲಿ ಉಳಿದಿವೆ.
ಅತ್ಯಂತ ಹಿರಿಯ ರಾಜ್ಯೋತ್ಸವ ಪ್ರಶಸ್ತಿ ಪುರಸ್ಕೃತ ಭವಾನಿ ಸ್ಟುಡಿಯೋ ಮಾಲೀಕ ಲಕ್ಷ್ಮೀನಾರಾಯಣ್ ರವರು ತಮ್ಮ ಕ್ಯಾಮರಾದಲ್ಲಿ ಕ್ಲಿಕ್ಕಿಸಿದ್ದಾರೆ. ರಾಜಕುಮಾರ್ ಭಾರತಿ ಅರತಿ ವಂದನಾ ಜಯಮಾಲಾ ಮುಂತಾದ ಹೀರೋಯಿನ್‌ಗಳ ಜೊತೆಗಿನ ರಾಜಕುಮಾರ್ ಹಲವಾರು ಚಿತ್ರಗಳಲ್ಲಿ ನಂದಿ ಬೆಟ್ಟದಲ್ಲಿ ನಡೆದ ಶೂಟಿಂಗ್‌ನಲ್ಲಿ ಪಾಲ್ಗೊಂಡಿದ್ದರು. 1982 ರಲ್ಲಿ ಗುಂಡೂರಾವ್ ರಾಜ್ಯದಲ್ಲಿ ಮುಖ್ಯಮಂತ್ರಿಗಳಾಗಿದ್ದ ಅವಧಿಯಲ್ಲಿ ನಡೆದ ಗೋಕಾಕ್ ಚಳವಳಿಯ ಸಂದರ್ಭದಲ್ಲಿ ಡಾಕ್ಟರ್ ರಾಜಕುಮಾರ್ ಅವರು ಸಹಸ್ರಾರು ಅಭಿಮಾನಿಗಳೊಂದಿಗೆ ಚಳವಳಿಯಲ್ಲಿ ಭಾಗವಹಿಸಿದ್ದರು. ಸುಮಾರು 30,000ಕ್ಕೂ ಅಧಿಕ ಜನರು ಚಿಕ್ಕಬಳ್ಳಾಪುರದಲ್ಲಿ ಡಾ. ರಾಜಕುಮಾರ್ ಅವರನ್ನು ಚಿಕ್ಕಬಳ್ಳಾಪುರದ ಭವಾನಿ ಸಹೋದರರಾದ ಲಕ್ಷ್ಮೀನಾರಾಯಣ್ ಮತ್ತು ರಾಮನಾರಾಯಣ್ ಡಾಕ್ಟರ್ ರಾಜಕುಮಾರ್ ರವರ ಜೊತೆ ನಿಂತು ಅಭಿಮಾನದಿಂದ ತೆಗೆಸಿಕೊಂಡ ಫೋಟೋ ಇಂದಿಗೂ ಅವರ ಸ್ಟುಡಿಯೋದಲ್ಲಿ ಇದೆ. ಇದು ರಾಜಕುಮಾರ್ ಅವರ ಸರಳತೆಗೆ ಸಾಕ್ಷಿಯಾಗಿದೆ. ಚಿಕ್ಕಬಳ್ಳಾಪುರದ ಜನರು ರಾಜಕುಮಾರ್ ಅವರನ್ನು ದೇವರಂತೆ ಕಾಣುತ್ತಿದ್ದರು. ಕನ್ನಡ ನಾಡು ನುಡಿಗಾಗಿ ತಮ್ಮ ಜೀವನವನ್ನು ಮುಡಿಪಾಗಿಟ್ಟ ರಾಜಕುಮಾರ್ ಅವರು ಕನ್ನಡಿಗರ ಹೃದಯದಲ್ಲಿ ಸದಾ ಅಜರಾಮರರಾಗಿದ್ದಾರೆ. 2012 ರಲ್ಲಿ ರಾಜಕುಮಾರ್ ಅವರ ಸ್ಮರಣಾರ್ಥ ನಂದಿ ಬೆಟ್ಟದಲ್ಲಿ ಸ್ಮಾರಕ ನಿರ್ಮಿಸುವ ಪ್ರಸ್ತಾಪ ಬಂದಿತ್ತು. ಡಾ. ರಾಜಕುಮಾರ್ ಅವರ ಜನ್ಮದಿನದ ಅಂಗವಾಗಿ ಅಭಿಮಾನಿಗಳು ವಿವಿಧ ಕಾರ್ಯಕ್ರಮಗಳನ್ನು ಹಮ್ಮಿಕೊಂಡಿದ್ದಾರೆ.
- ನಾಗೇಂದ್ರ ಬಾಬು
